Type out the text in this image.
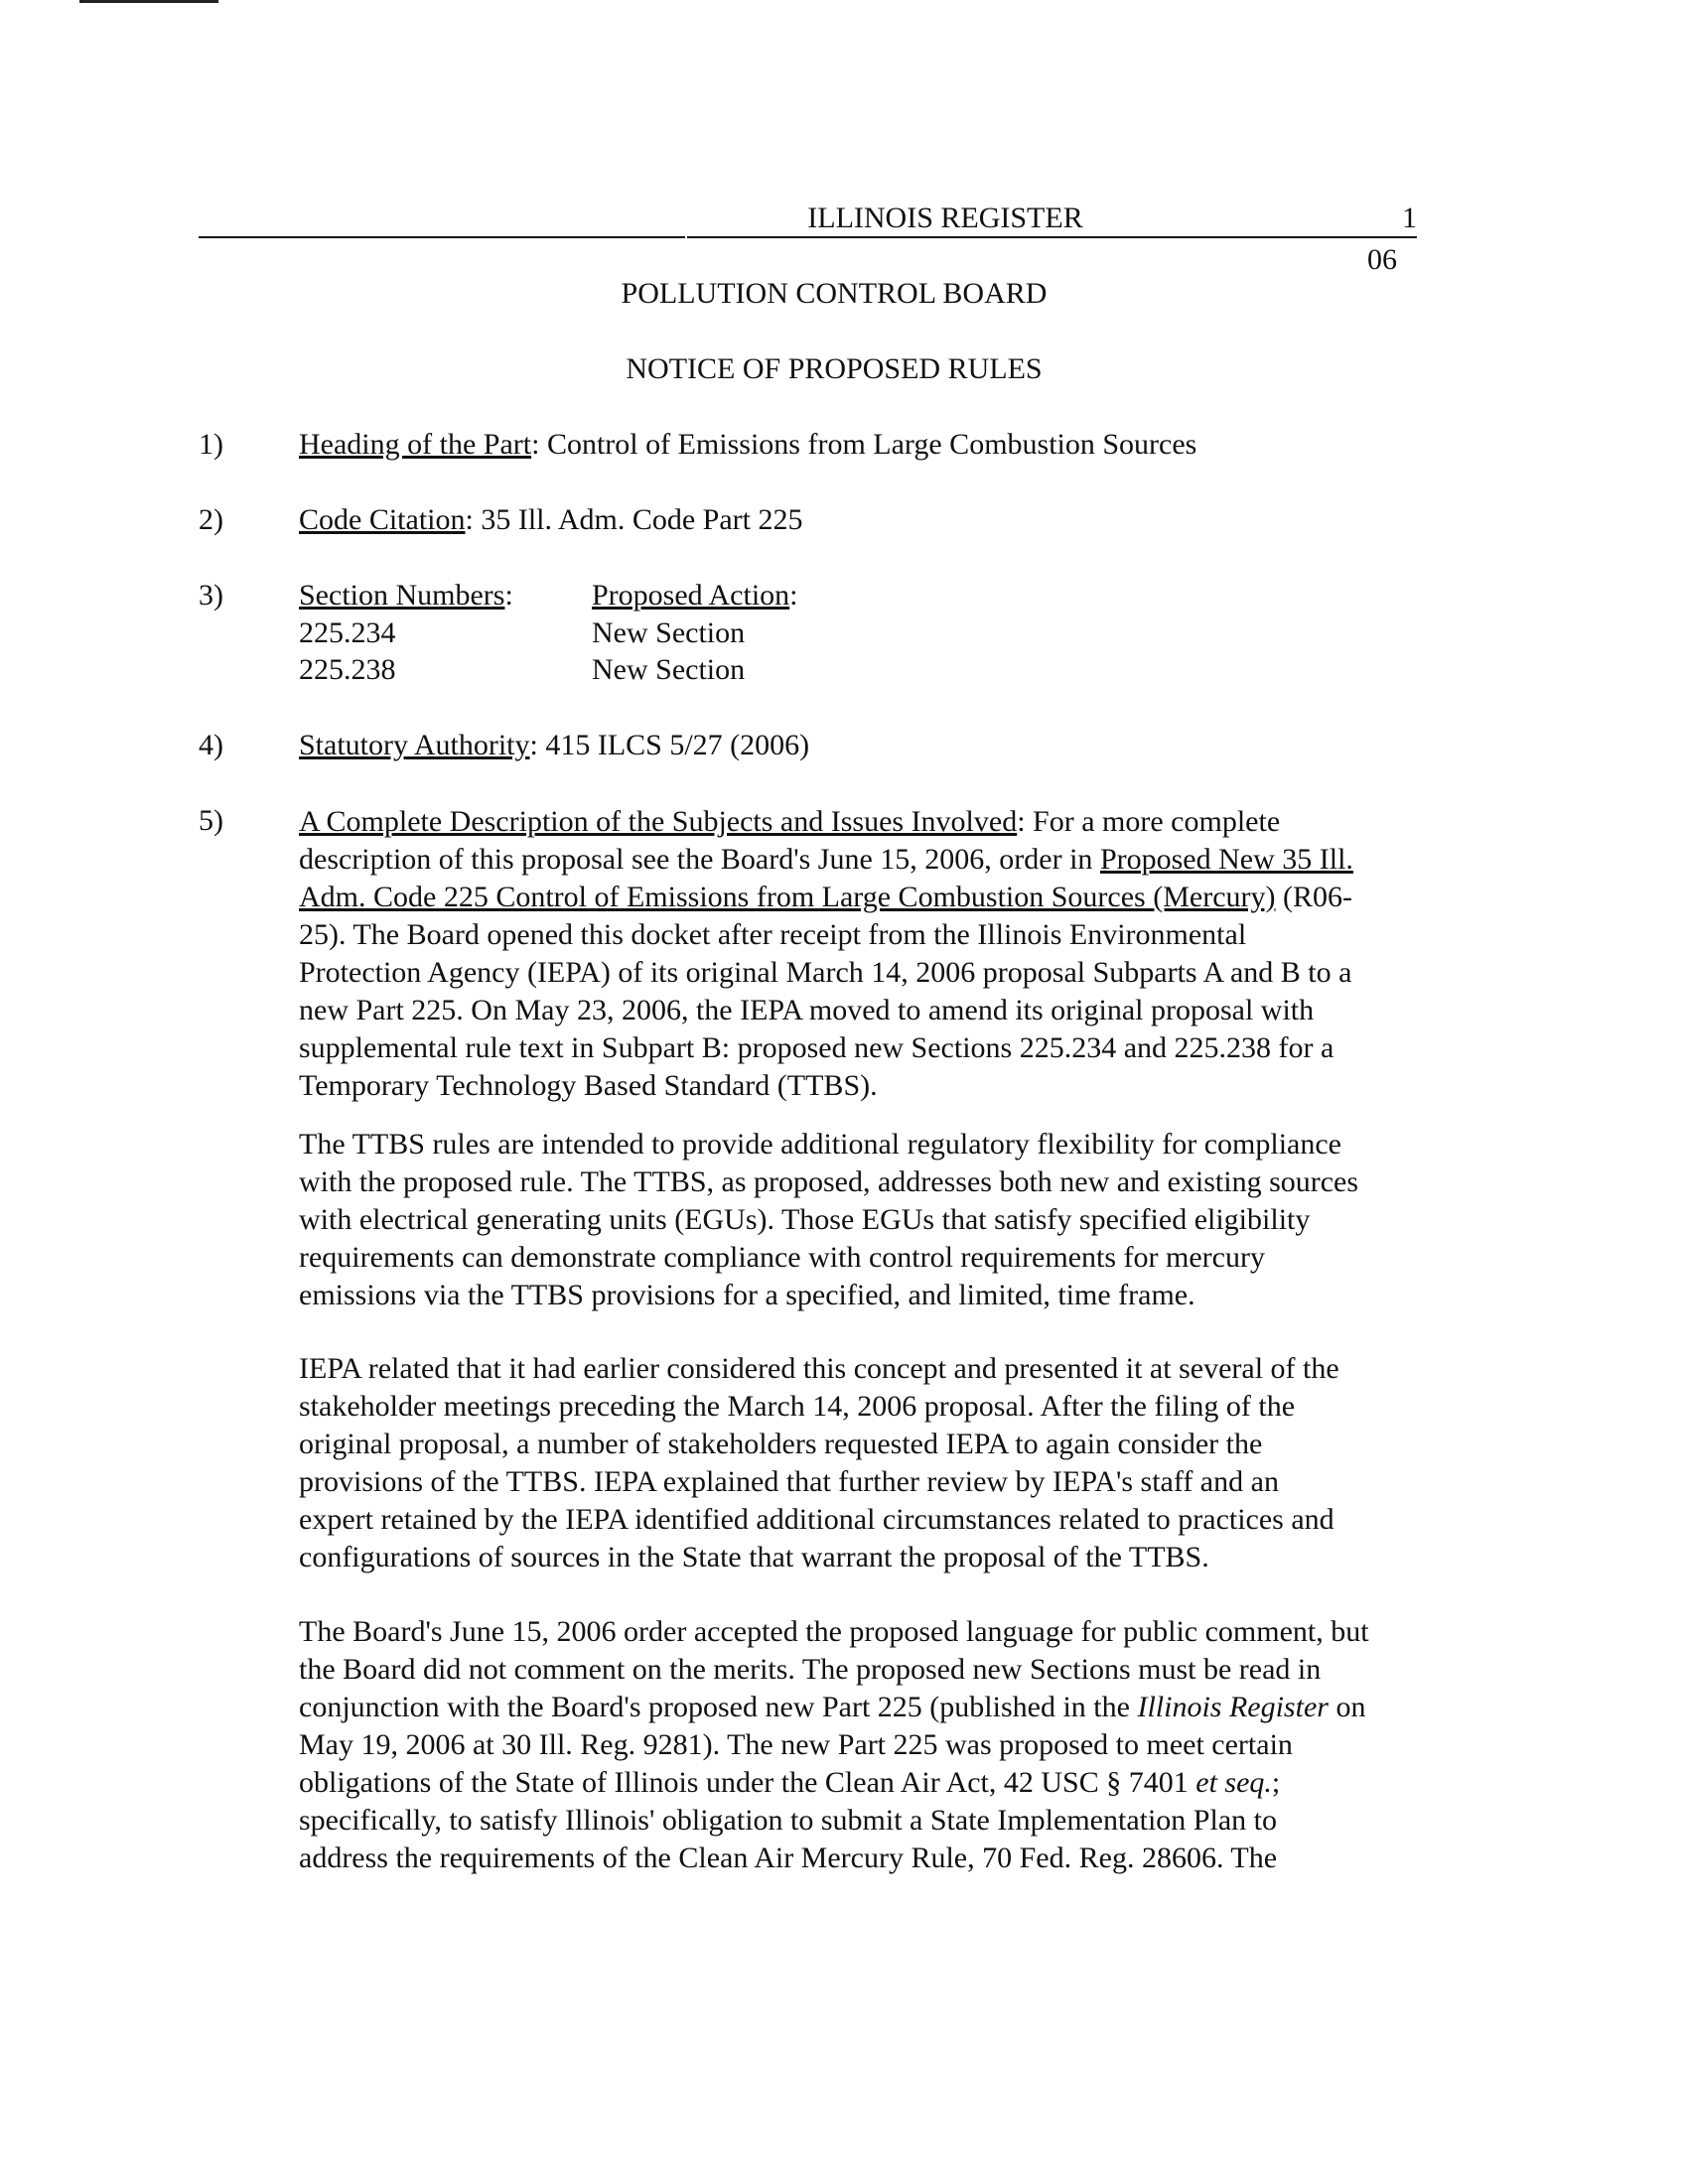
ILLINOIS REGISTER	1
06
POLLUTION CONTROL BOARD
NOTICE OF PROPOSED RULES
1)	Heading of the Part: Control of Emissions from Large Combustion Sources
2)	Code Citation: 35 Ill. Adm. Code Part 225
3)	Section Numbers:	Proposed Action:
225.234	New Section
225.238	New Section
4)	Statutory Authority: 415 ILCS 5/27 (2006)
5)	A Complete Description of the Subjects and Issues Involved: For a more complete

description of this proposal see the Board's June 15, 2006, order in Proposed New 35 Ill.

Adm. Code 225 Control of Emissions from Large Combustion Sources (Mercury) (R06-

25). The Board opened this docket after receipt from the Illinois Environmental

Protection Agency (IEPA) of its original March 14, 2006 proposal Subparts A and B to a

new Part 225. On May 23, 2006, the IEPA moved to amend its original proposal with

supplemental rule text in Subpart B: proposed new Sections 225.234 and 225.238 for a

Temporary Technology Based Standard (TTBS).

The TTBS rules are intended to provide additional regulatory flexibility for compliance

with the proposed rule. The TTBS, as proposed, addresses both new and existing sources

with electrical generating units (EGUs). Those EGUs that satisfy specified eligibility

requirements can demonstrate compliance with control requirements for mercury

emissions via the TTBS provisions for a specified, and limited, time frame.

IEPA related that it had earlier considered this concept and presented it at several of the

stakeholder meetings preceding the March 14, 2006 proposal. After the filing of the

original proposal, a number of stakeholders requested IEPA to again consider the

provisions of the TTBS. IEPA explained that further review by IEPA's staff and an

expert retained by the IEPA identified additional circumstances related to practices and

configurations of sources in the State that warrant the proposal of the TTBS.

The Board's June 15, 2006 order accepted the proposed language for public comment, but

the Board did not comment on the merits. The proposed new Sections must be read in

conjunction with the Board's proposed new Part 225 (published in the Illinois Register on

May 19, 2006 at 30 Ill. Reg. 9281). The new Part 225 was proposed to meet certain

obligations of the State of Illinois under the Clean Air Act, 42 USC § 7401 et seq.;

specifically, to satisfy Illinois' obligation to submit a State Implementation Plan to

address the requirements of the Clean Air Mercury Rule, 70 Fed. Reg. 28606. The
